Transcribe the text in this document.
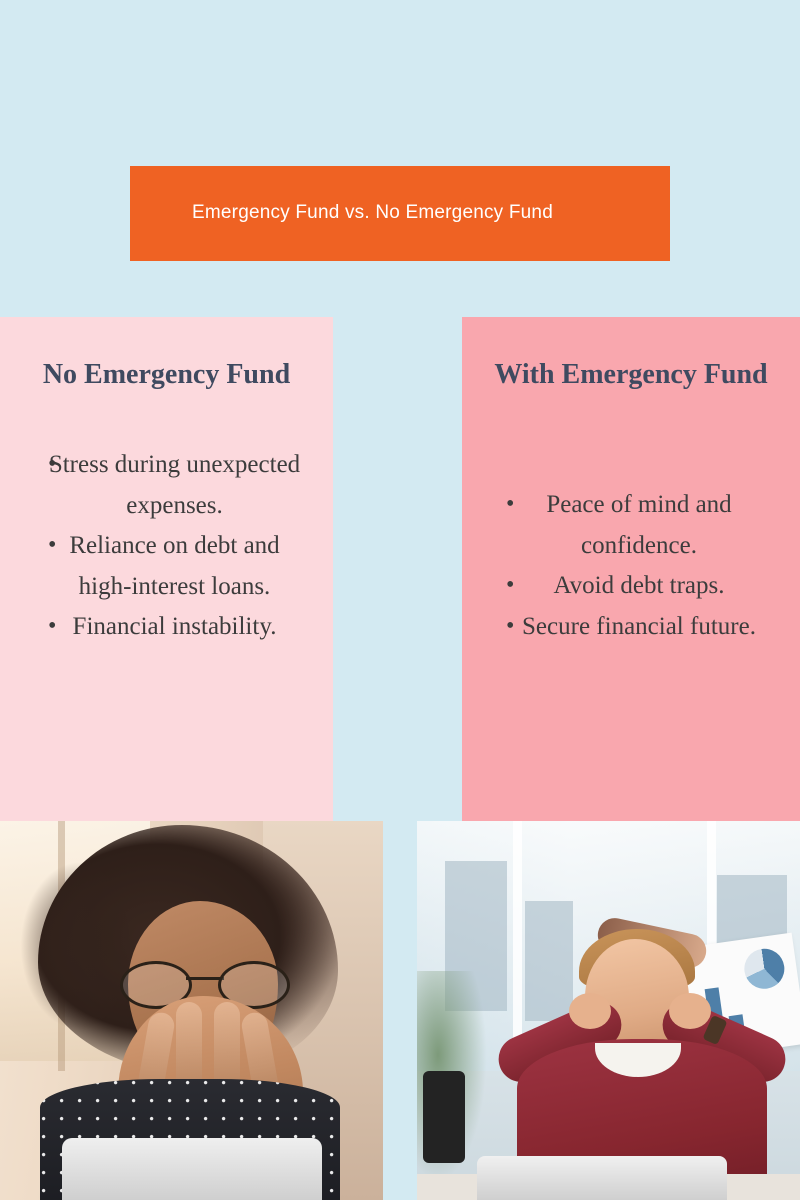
Emergency Fund vs. No Emergency Fund
No Emergency Fund
• Stress during unexpected expenses.
• Reliance on debt and high-interest loans.
• Financial instability.
With Emergency Fund
• Peace of mind and confidence.
• Avoid debt traps.
• Secure financial future.
